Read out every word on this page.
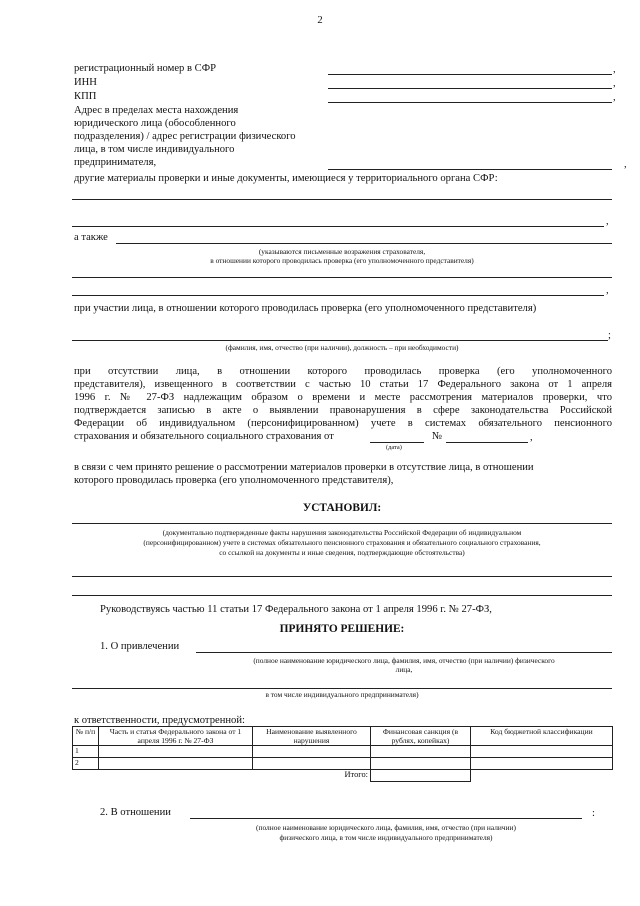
2
регистрационный номер в СФР	,
ИНН	,
КПП	,
Адрес в пределах места нахождения
юридического лица (обособленного
подразделения) / адрес регистрации физического
лица, в том числе индивидуального
предпринимателя,	,
другие материалы проверки и иные документы, имеющиеся у территориального органа СФР:
,
а также
(указываются письменные возражения страхователя,
в отношении которого проводилась проверка (его уполномоченного представителя)
,
при участии лица, в отношении которого проводилась проверка (его уполномоченного представителя)
;
(фамилия, имя, отчество (при наличии), должность – при необходимости)
при отсутствии лица, в отношении которого проводилась проверка (его уполномоченного
представителя), извещенного в соответствии с частью 10 статьи 17 Федерального закона от 1 апреля
1996 г. № 27-ФЗ надлежащим образом о времени и месте рассмотрения материалов проверки, что
подтверждается записью в акте о выявлении правонарушения в сфере законодательства Российской
Федерации об индивидуальном (персонифицированном) учете в системах обязательного пенсионного
страхования и обязательного социального страхования от	№	,
(дата)
в связи с чем принято решение о рассмотрении материалов проверки в отсутствие лица, в отношении
которого проводилась проверка (его уполномоченного представителя),
УСТАНОВИЛ:
(документально подтвержденные факты нарушения законодательства Российской Федерации об индивидуальном
(персонифицированном) учете в системах обязательного пенсионного страхования и обязательного социального страхования,
со ссылкой на документы и иные сведения, подтверждающие обстоятельства)
Руководствуясь частью 11 статьи 17 Федерального закона от 1 апреля 1996 г. № 27-ФЗ,
ПРИНЯТО РЕШЕНИЕ:
1. О привлечении
(полное наименование юридического лица, фамилия, имя, отчество (при наличии) физического
лица,
в том числе индивидуального предпринимателя)
к ответственности, предусмотренной:
№ п/п	Часть и статья Федерального закона от 1 апреля 1996 г. № 27-ФЗ	Наименование выявленного нарушения	Финансовая санкция (в рублях, копейках)	Код бюджетной классификации
1				
2				
Итого:				
2. В отношении	:
(полное наименование юридического лица, фамилия, имя, отчество (при наличии)
физического лица, в том числе индивидуального предпринимателя)
